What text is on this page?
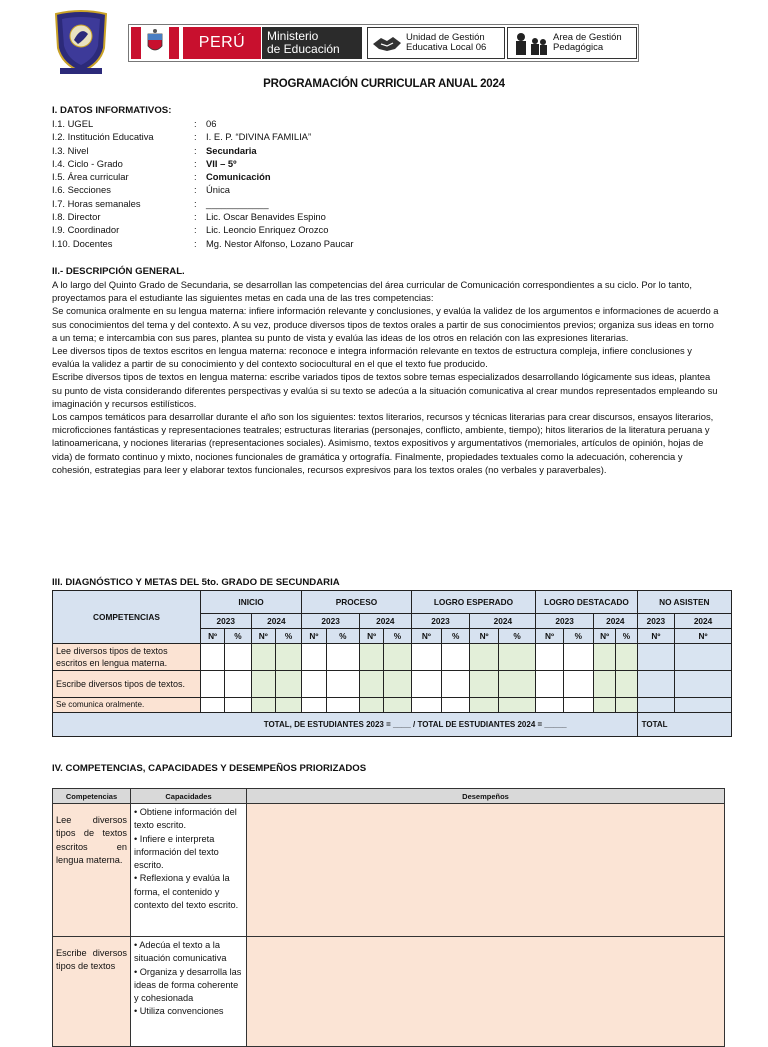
PERÚ	Ministerio
de Educación
Unidad de Gestión
Educativa Local 06
Area de Gestión
Pedagógica
PROGRAMACIÓN CURRICULAR ANUAL 2024
I. DATOS INFORMATIVOS:
I.1. UGEL	: 06
I.2. Institución Educativa	: I. E. P. “DIVINA FAMILIA”
I.3. Nivel	: Secundaria
I.4. Ciclo - Grado	: VII – 5º
I.5. Área curricular	: Comunicación
I.6. Secciones	: Única
I.7. Horas semanales	: ____________
I.8. Director	: Lic. Oscar Benavides Espino
I.9. Coordinador	: Lic. Leoncio Enriquez Orozco
I.10. Docentes	: Mg. Nestor Alfonso, Lozano Paucar
II.- DESCRIPCIÓN GENERAL.

A lo largo del Quinto Grado de Secundaria, se desarrollan las competencias del área curricular de Comunicación correspondientes a su ciclo. Por lo tanto, proyectamos para el estudiante las siguientes metas en cada una de las tres competencias:

Se comunica oralmente en su lengua materna: infiere información relevante y conclusiones, y evalúa la validez de los argumentos e informaciones de acuerdo a sus conocimientos del tema y del contexto. A su vez, produce diversos tipos de textos orales a partir de sus conocimientos previos; organiza sus ideas en torno a un tema; e intercambia con sus pares, plantea su punto de vista y evalúa las ideas de los otros en relación con las expresiones literarias.

Lee diversos tipos de textos escritos en lengua materna: reconoce e integra información relevante en textos de estructura compleja, infiere conclusiones y evalúa la validez a partir de su conocimiento y del contexto sociocultural en el que el texto fue producido.

Escribe diversos tipos de textos en lengua materna: escribe variados tipos de textos sobre temas especializados desarrollando lógicamente sus ideas, plantea su punto de vista considerando diferentes perspectivas y evalúa si su texto se adecúa a la situación comunicativa al crear mundos representados empleando su imaginación y recursos estilísticos.

Los campos temáticos para desarrollar durante el año son los siguientes: textos literarios, recursos y técnicas literarias para crear discursos, ensayos literarios, microficciones fantásticas y representaciones teatrales; estructuras literarias (personajes, conflicto, ambiente, tiempo); hitos literarios de la literatura peruana y latinoamericana, y nociones literarias (representaciones sociales). Asimismo, textos expositivos y argumentativos (memoriales, artículos de opinión, hojas de vida) de formato continuo y mixto, nociones funcionales de gramática y ortografía. Finalmente, propiedades textuales como la adecuación, coherencia y cohesión, estrategias para leer y elaborar textos funcionales, recursos expresivos para los textos orales (no verbales y paraverbales).

III. DIAGNÓSTICO Y METAS DEL 5to. GRADO DE SECUNDARIA
COMPETENCIAS	INICIO				PROCESO				LOGRO ESPERADO				LOGRO DESTACADO				NO ASISTEN	
	2023		2024		2023		2024		2023		2024		2023		2024		2023	2024
	Nº	%	Nº	%	Nº	%	Nº	%	Nº	%	Nº	%	Nº	%	Nº	%	Nº	Nº
Lee diversos tipos de textos escritos en lengua materna.																		
Escribe diversos tipos de textos.																		
Se comunica oralmente.																		
TOTAL, DE ESTUDIANTES 2023 = ____ / TOTAL DE ESTUDIANTES 2024 = _____																	TOTAL	
IV. COMPETENCIAS, CAPACIDADES Y DESEMPEÑOS PRIORIZADOS
Competencias	Capacidades	Desempeños
Lee diversos tipos de textos escritos en lengua materna.	• Obtiene información del texto escrito.

• Infiere e interpreta información del texto escrito.

• Reflexiona y evalúa la forma, el contenido y contexto del texto escrito.	

Escribe diversos tipos de textos	• Adecúa el texto a la situación comunicativa

• Organiza y desarrolla las ideas de forma coherente y cohesionada

• Utiliza convenciones	
